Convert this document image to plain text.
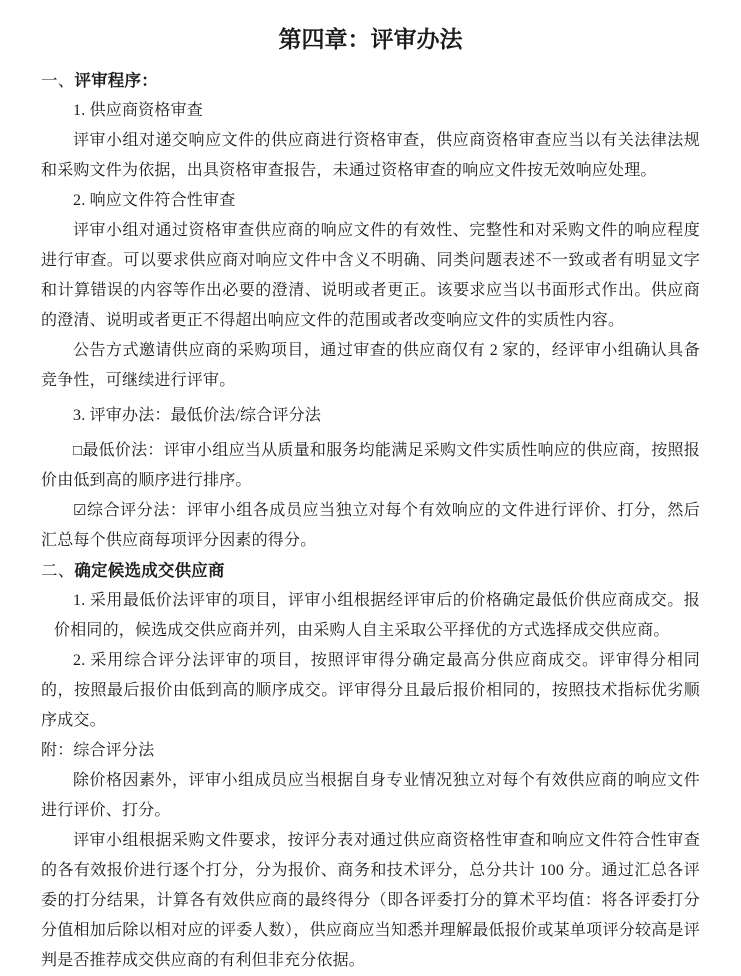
第四章：评审办法
一、评审程序：
1. 供应商资格审查
评审小组对递交响应文件的供应商进行资格审查，供应商资格审查应当以有关法律法规和采购文件为依据，出具资格审查报告，未通过资格审查的响应文件按无效响应处理。
2. 响应文件符合性审查
评审小组对通过资格审查供应商的响应文件的有效性、完整性和对采购文件的响应程度进行审查。可以要求供应商对响应文件中含义不明确、同类问题表述不一致或者有明显文字和计算错误的内容等作出必要的澄清、说明或者更正。该要求应当以书面形式作出。供应商的澄清、说明或者更正不得超出响应文件的范围或者改变响应文件的实质性内容。
公告方式邀请供应商的采购项目，通过审查的供应商仅有 2 家的，经评审小组确认具备竞争性，可继续进行评审。
3. 评审办法：最低价法/综合评分法
□最低价法：评审小组应当从质量和服务均能满足采购文件实质性响应的供应商，按照报价由低到高的顺序进行排序。
☑综合评分法：评审小组各成员应当独立对每个有效响应的文件进行评价、打分，然后汇总每个供应商每项评分因素的得分。
二、确定候选成交供应商
1. 采用最低价法评审的项目，评审小组根据经评审后的价格确定最低价供应商成交。报价相同的，候选成交供应商并列，由采购人自主采取公平择优的方式选择成交供应商。
2. 采用综合评分法评审的项目，按照评审得分确定最高分供应商成交。评审得分相同的，按照最后报价由低到高的顺序成交。评审得分且最后报价相同的，按照技术指标优劣顺序成交。
附：综合评分法
除价格因素外，评审小组成员应当根据自身专业情况独立对每个有效供应商的响应文件进行评价、打分。
评审小组根据采购文件要求，按评分表对通过供应商资格性审查和响应文件符合性审查的各有效报价进行逐个打分，分为报价、商务和技术评分，总分共计 100 分。通过汇总各评委的打分结果，计算各有效供应商的最终得分（即各评委打分的算术平均值：将各评委打分分值相加后除以相对应的评委人数），供应商应当知悉并理解最低报价或某单项评分较高是评判是否推荐成交供应商的有利但非充分依据。
